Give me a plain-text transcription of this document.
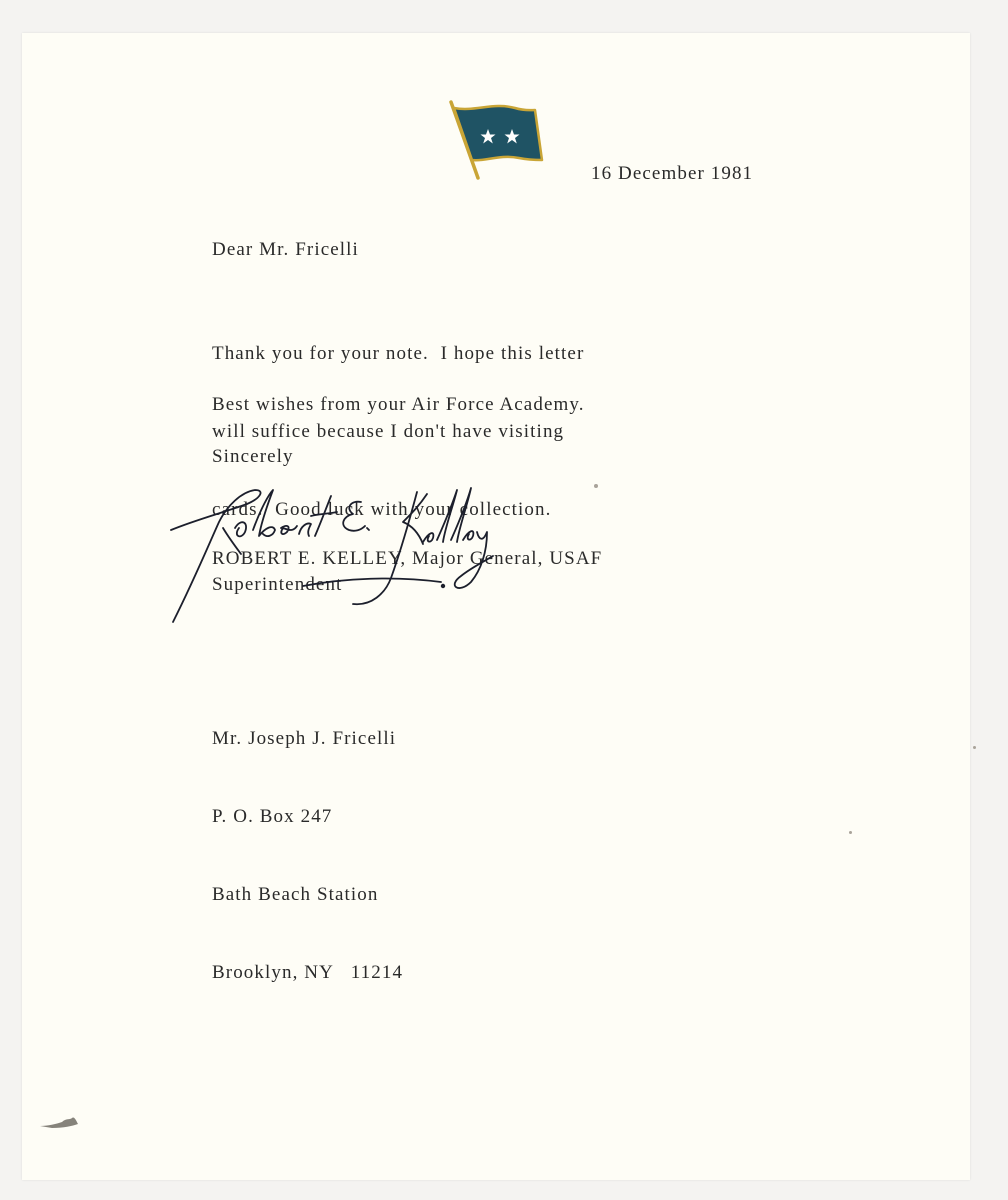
16 December 1981
Dear Mr. Fricelli

Thank you for your note.  I hope this letter

will suffice because I don't have visiting

cards.  Good luck with your collection.

Best wishes from your Air Force Academy.
Sincerely
ROBERT E. KELLEY, Major General, USAF
Superintendent

Mr. Joseph J. Fricelli

P. O. Box 247

Bath Beach Station

Brooklyn, NY   11214
